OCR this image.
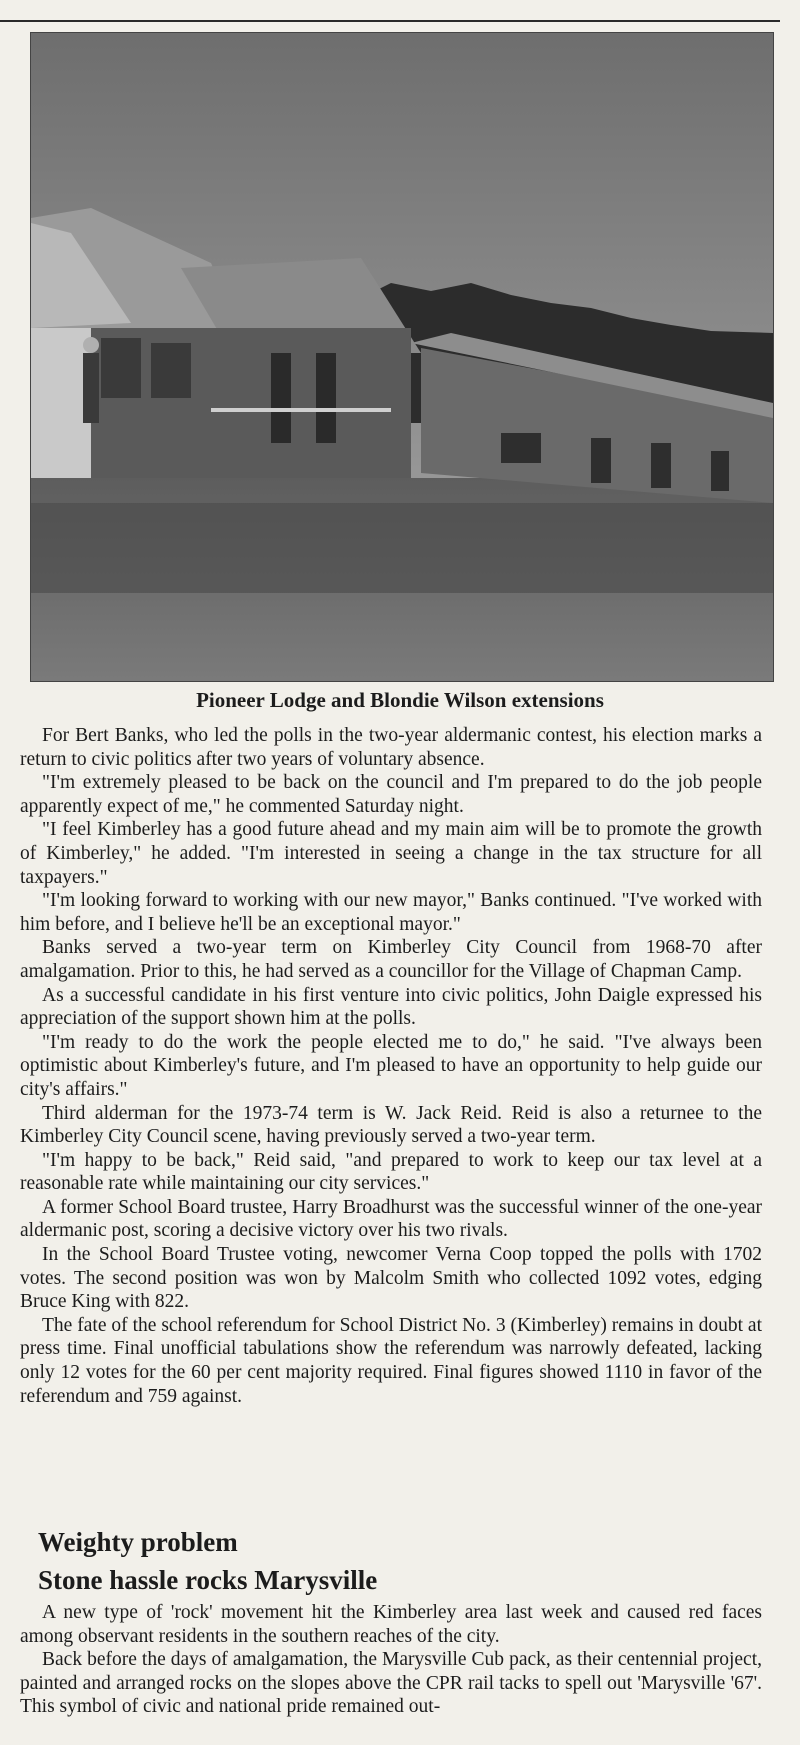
Pioneer Lodge and Blondie Wilson extensions

For Bert Banks, who led the polls in the two-year aldermanic contest, his election marks a return to civic politics after two years of voluntary absence.

"I'm extremely pleased to be back on the council and I'm prepared to do the job people apparently expect of me," he commented Saturday night.

"I feel Kimberley has a good future ahead and my main aim will be to promote the growth of Kimberley," he added. "I'm interested in seeing a change in the tax structure for all taxpayers."

"I'm looking forward to working with our new mayor," Banks continued. "I've worked with him before, and I believe he'll be an exceptional mayor."

Banks served a two-year term on Kimberley City Council from 1968-70 after amalgamation. Prior to this, he had served as a councillor for the Village of Chapman Camp.

As a successful candidate in his first venture into civic politics, John Daigle expressed his appreciation of the support shown him at the polls.

"I'm ready to do the work the people elected me to do," he said. "I've always been optimistic about Kimberley's future, and I'm pleased to have an opportunity to help guide our city's affairs."

Third alderman for the 1973-74 term is W. Jack Reid. Reid is also a returnee to the Kimberley City Council scene, having previously served a two-year term.

"I'm happy to be back," Reid said, "and prepared to work to keep our tax level at a reasonable rate while maintaining our city services."

A former School Board trustee, Harry Broadhurst was the successful winner of the one-year aldermanic post, scoring a decisive victory over his two rivals.

In the School Board Trustee voting, newcomer Verna Coop topped the polls with 1702 votes. The second position was won by Malcolm Smith who collected 1092 votes, edging Bruce King with 822.

The fate of the school referendum for School District No. 3 (Kimberley) remains in doubt at press time. Final unofficial tabulations show the referendum was narrowly defeated, lacking only 12 votes for the 60 per cent majority required. Final figures showed 1110 in favor of the referendum and 759 against.

Weighty problem
Stone hassle rocks Marysville

A new type of 'rock' movement hit the Kimberley area last week and caused red faces among observant residents in the southern reaches of the city.

Back before the days of amalgamation, the Marysville Cub pack, as their centennial project, painted and arranged rocks on the slopes above the CPR rail tacks to spell out 'Marysville '67'. This symbol of civic and national pride remained out-
